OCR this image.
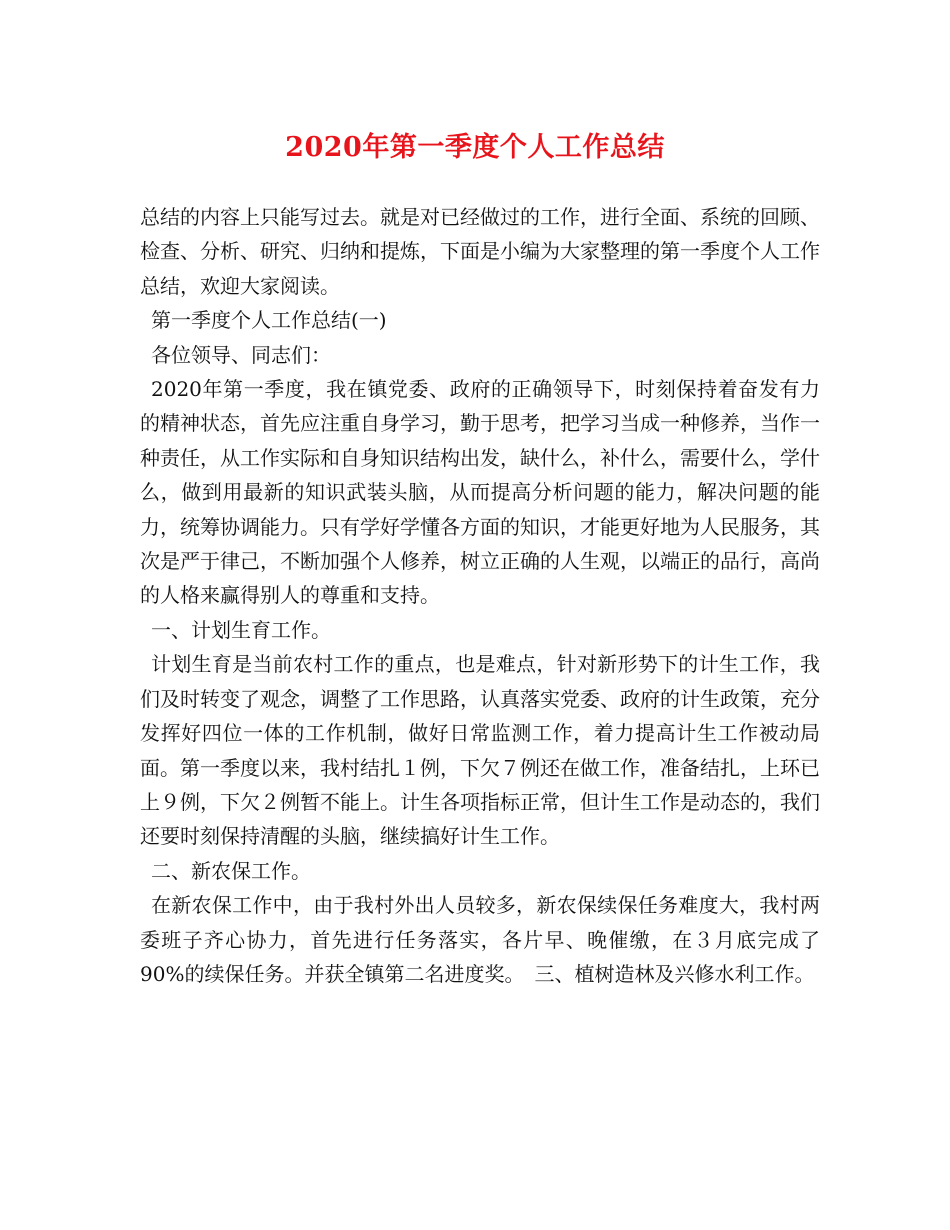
2020年第一季度个人工作总结

总结的内容上只能写过去。就是对已经做过的工作，进行全面、系统的回顾、检查、分析、研究、归纳和提炼，下面是小编为大家整理的第一季度个人工作总结，欢迎大家阅读。

第一季度个人工作总结(一)

各位领导、同志们：

2020年第一季度，我在镇党委、政府的正确领导下，时刻保持着奋发有力的精神状态，首先应注重自身学习，勤于思考，把学习当成一种修养，当作一种责任，从工作实际和自身知识结构出发，缺什么，补什么，需要什么，学什么，做到用最新的知识武装头脑，从而提高分析问题的能力，解决问题的能力，统筹协调能力。只有学好学懂各方面的知识，才能更好地为人民服务，其次是严于律己，不断加强个人修养，树立正确的人生观，以端正的品行，高尚的人格来赢得别人的尊重和支持。

一、计划生育工作。

计划生育是当前农村工作的重点，也是难点，针对新形势下的计生工作，我们及时转变了观念，调整了工作思路，认真落实党委、政府的计生政策，充分发挥好四位一体的工作机制，做好日常监测工作，着力提高计生工作被动局面。第一季度以来，我村结扎１例，下欠７例还在做工作，准备结扎，上环已上９例，下欠２例暂不能上。计生各项指标正常，但计生工作是动态的，我们还要时刻保持清醒的头脑，继续搞好计生工作。

二、新农保工作。

在新农保工作中，由于我村外出人员较多，新农保续保任务难度大，我村两委班子齐心协力，首先进行任务落实，各片早、晚催缴，在３月底完成了90%的续保任务。并获全镇第二名进度奖。　三、植树造林及兴修水利工作。
